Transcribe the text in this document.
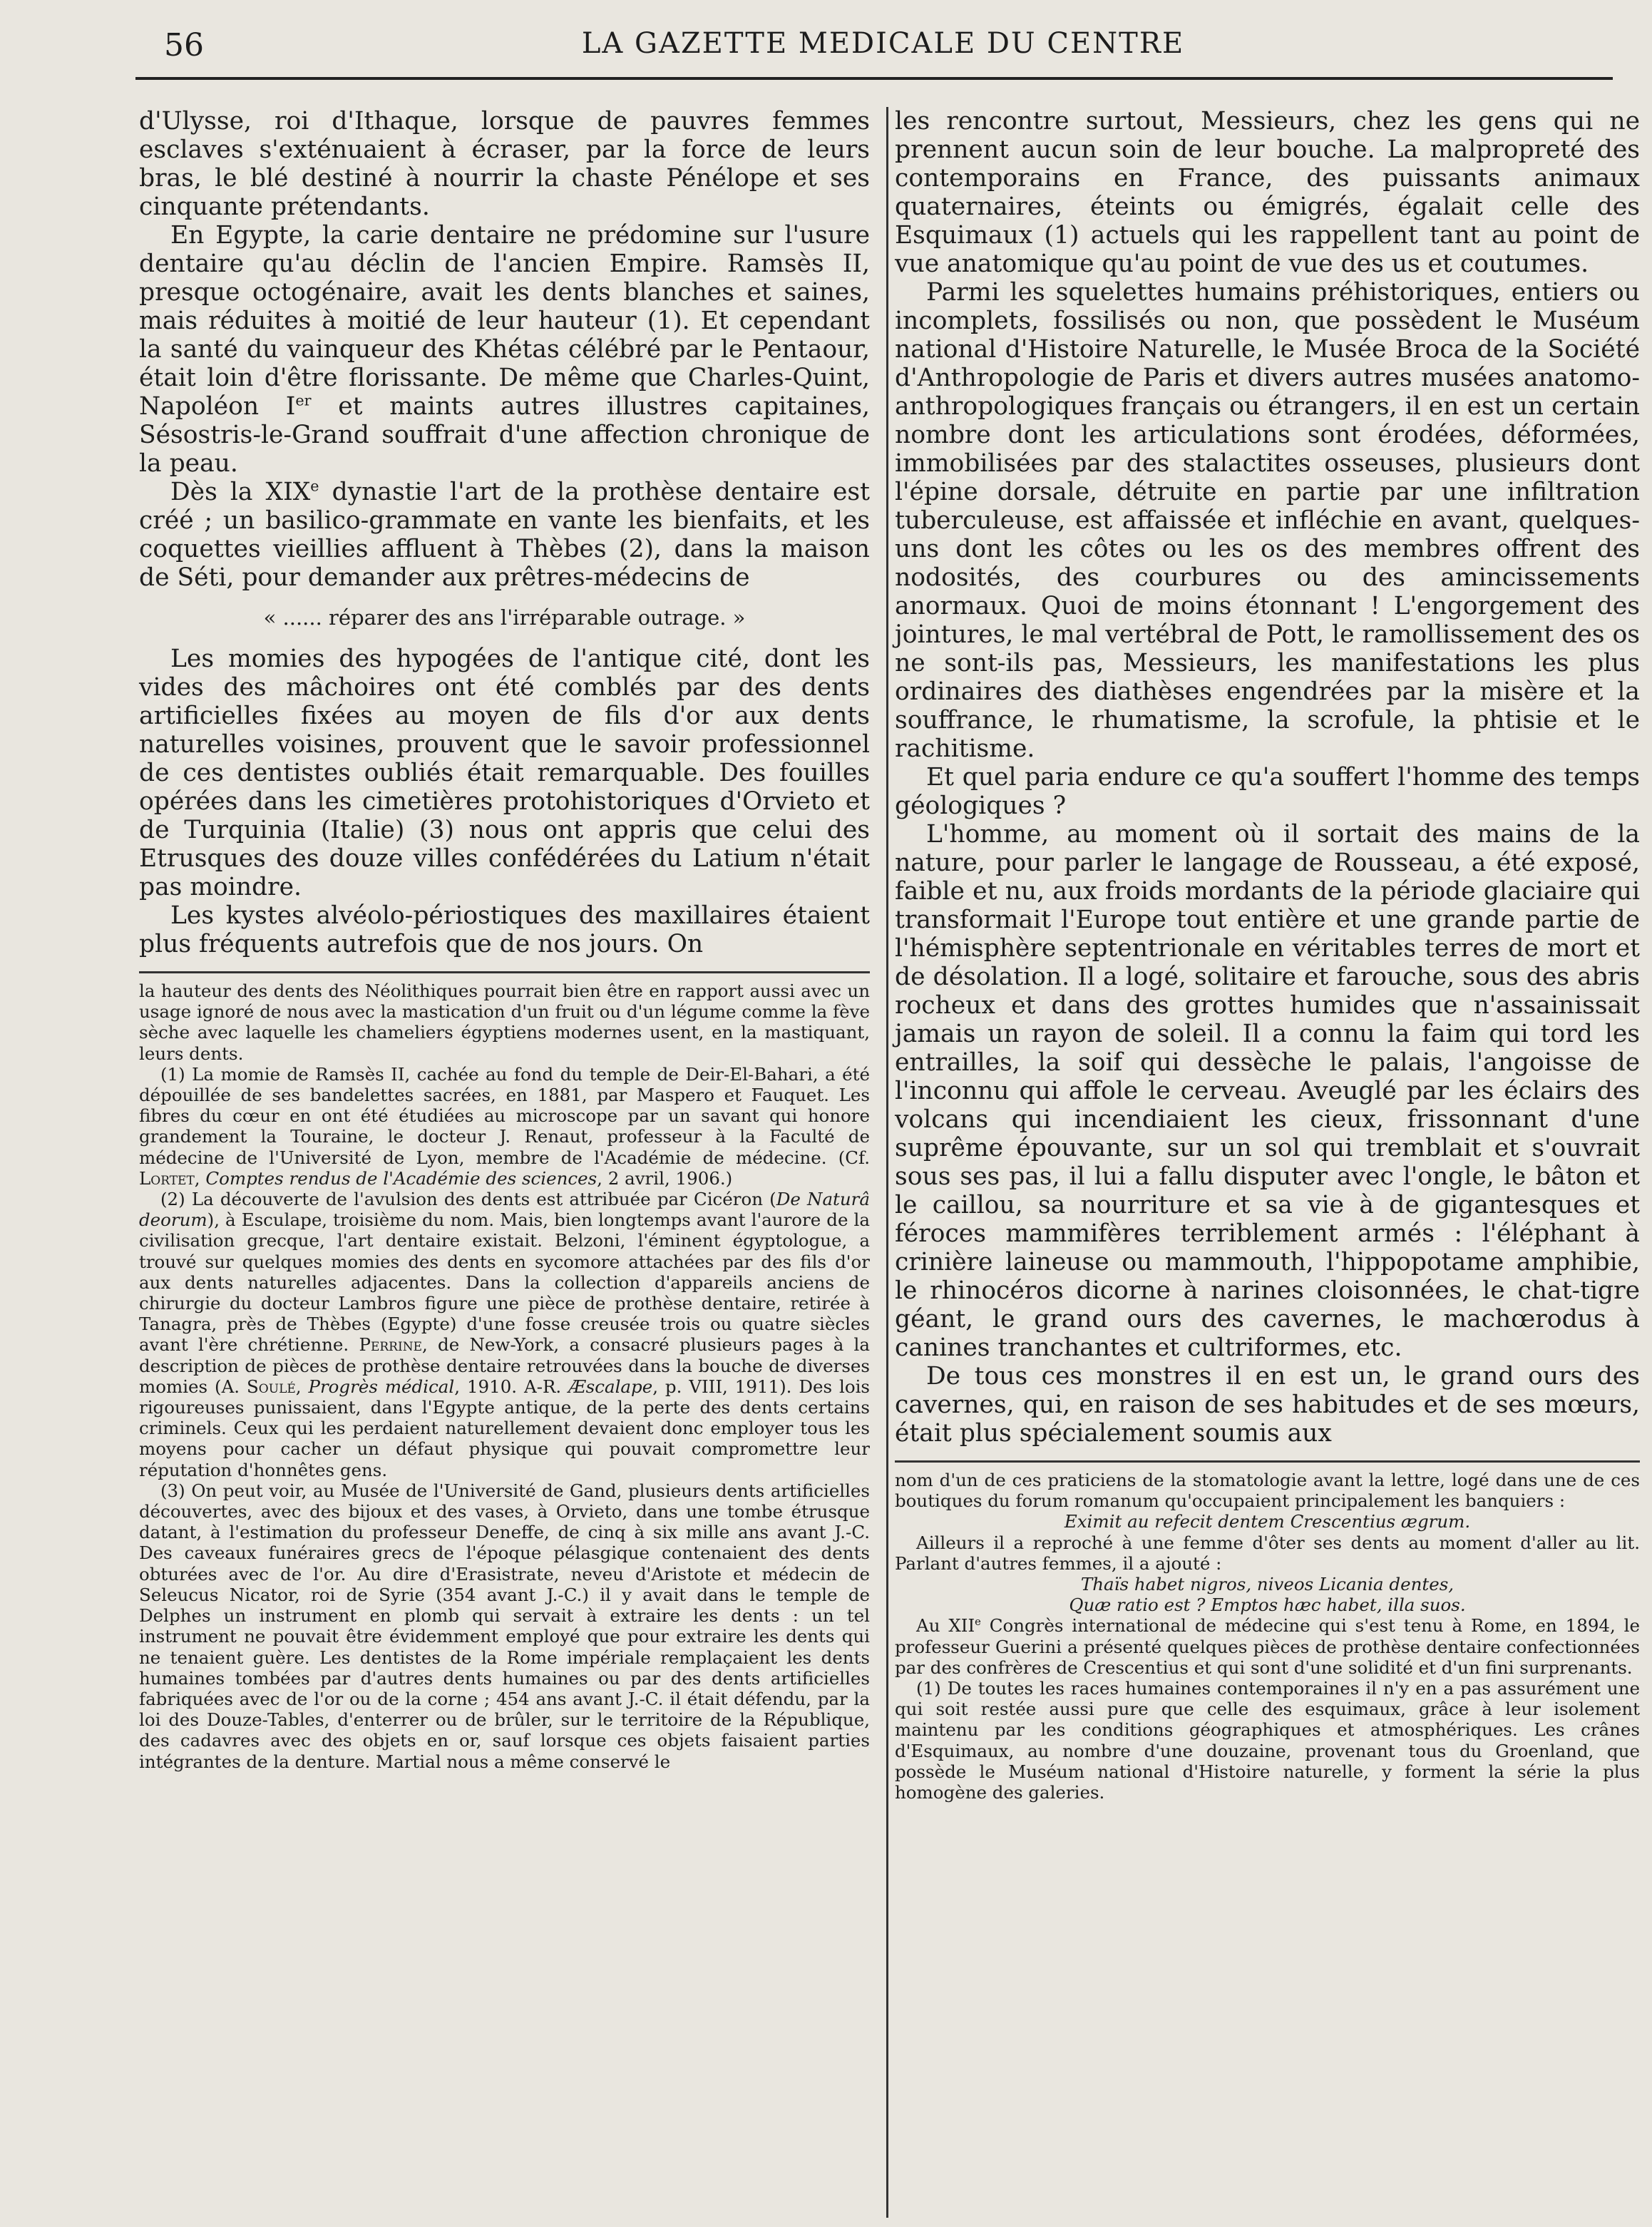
56	LA GAZETTE MEDICALE DU CENTRE

d'Ulysse, roi d'Ithaque, lorsque de pauvres femmes esclaves s'exténuaient à écraser, par la force de leurs bras, le blé destiné à nourrir la chaste Pénélope et ses cinquante prétendants.

En Egypte, la carie dentaire ne prédomine sur l'usure dentaire qu'au déclin de l'ancien Empire. Ramsès II, presque octogénaire, avait les dents blanches et saines, mais réduites à moitié de leur hauteur (1). Et cependant la santé du vainqueur des Khétas célébré par le Pentaour, était loin d'être florissante. De même que Charles-Quint, Napoléon Ier et maints autres illustres capitaines, Sésostris-le-Grand souffrait d'une affection chronique de la peau.

Dès la XIXe dynastie l'art de la prothèse dentaire est créé ; un basilico-grammate en vante les bienfaits, et les coquettes vieillies affluent à Thèbes (2), dans la maison de Séti, pour demander aux prêtres-médecins de

« ...... réparer des ans l'irréparable outrage. »

Les momies des hypogées de l'antique cité, dont les vides des mâchoires ont été comblés par des dents artificielles fixées au moyen de fils d'or aux dents naturelles voisines, prouvent que le savoir professionnel de ces dentistes oubliés était remarquable. Des fouilles opérées dans les cimetières protohistoriques d'Orvieto et de Turquinia (Italie) (3) nous ont appris que celui des Etrusques des douze villes confédérées du Latium n'était pas moindre.

Les kystes alvéolo-périostiques des maxillaires étaient plus fréquents autrefois que de nos jours. On

la hauteur des dents des Néolithiques pourrait bien être en rapport aussi avec un usage ignoré de nous avec la mastication d'un fruit ou d'un légume comme la fève sèche avec laquelle les chameliers égyptiens modernes usent, en la mastiquant, leurs dents.

(1) La momie de Ramsès II, cachée au fond du temple de Deir-El-Bahari, a été dépouillée de ses bandelettes sacrées, en 1881, par Maspero et Fauquet. Les fibres du cœur en ont été étudiées au microscope par un savant qui honore grandement la Touraine, le docteur J. Renaut, professeur à la Faculté de médecine de l'Université de Lyon, membre de l'Académie de médecine. (Cf. Lortet, Comptes rendus de l'Académie des sciences, 2 avril, 1906.)

(2) La découverte de l'avulsion des dents est attribuée par Cicéron (De Naturâ deorum), à Esculape, troisième du nom. Mais, bien longtemps avant l'aurore de la civilisation grecque, l'art dentaire existait. Belzoni, l'éminent égyptologue, a trouvé sur quelques momies des dents en sycomore attachées par des fils d'or aux dents naturelles adjacentes. Dans la collection d'appareils anciens de chirurgie du docteur Lambros figure une pièce de prothèse dentaire, retirée à Tanagra, près de Thèbes (Egypte) d'une fosse creusée trois ou quatre siècles avant l'ère chrétienne. Perrine, de New-York, a consacré plusieurs pages à la description de pièces de prothèse dentaire retrouvées dans la bouche de diverses momies (A. Soulé, Progrès médical, 1910. A-R. Æscalape, p. VIII, 1911). Des lois rigoureuses punissaient, dans l'Egypte antique, de la perte des dents certains criminels. Ceux qui les perdaient naturellement devaient donc employer tous les moyens pour cacher un défaut physique qui pouvait compromettre leur réputation d'honnêtes gens.

(3) On peut voir, au Musée de l'Université de Gand, plusieurs dents artificielles découvertes, avec des bijoux et des vases, à Orvieto, dans une tombe étrusque datant, à l'estimation du professeur Deneffe, de cinq à six mille ans avant J.-C. Des caveaux funéraires grecs de l'époque pélasgique contenaient des dents obturées avec de l'or. Au dire d'Erasistrate, neveu d'Aristote et médecin de Seleucus Nicator, roi de Syrie (354 avant J.-C.) il y avait dans le temple de Delphes un instrument en plomb qui servait à extraire les dents : un tel instrument ne pouvait être évidemment employé que pour extraire les dents qui ne tenaient guère. Les dentistes de la Rome impériale remplaçaient les dents humaines tombées par d'autres dents humaines ou par des dents artificielles fabriquées avec de l'or ou de la corne ; 454 ans avant J.-C. il était défendu, par la loi des Douze-Tables, d'enterrer ou de brûler, sur le territoire de la République, des cadavres avec des objets en or, sauf lorsque ces objets faisaient parties intégrantes de la denture. Martial nous a même conservé le

les rencontre surtout, Messieurs, chez les gens qui ne prennent aucun soin de leur bouche. La malpropreté des contemporains en France, des puissants animaux quaternaires, éteints ou émigrés, égalait celle des Esquimaux (1) actuels qui les rappellent tant au point de vue anatomique qu'au point de vue des us et coutumes.

Parmi les squelettes humains préhistoriques, entiers ou incomplets, fossilisés ou non, que possèdent le Muséum national d'Histoire Naturelle, le Musée Broca de la Société d'Anthropologie de Paris et divers autres musées anatomo-anthropologiques français ou étrangers, il en est un certain nombre dont les articulations sont érodées, déformées, immobilisées par des stalactites osseuses, plusieurs dont l'épine dorsale, détruite en partie par une infiltration tuberculeuse, est affaissée et infléchie en avant, quelques-uns dont les côtes ou les os des membres offrent des nodosités, des courbures ou des amincissements anormaux. Quoi de moins étonnant ! L'engorgement des jointures, le mal vertébral de Pott, le ramollissement des os ne sont-ils pas, Messieurs, les manifestations les plus ordinaires des diathèses engendrées par la misère et la souffrance, le rhumatisme, la scrofule, la phtisie et le rachitisme.

Et quel paria endure ce qu'a souffert l'homme des temps géologiques ?

L'homme, au moment où il sortait des mains de la nature, pour parler le langage de Rousseau, a été exposé, faible et nu, aux froids mordants de la période glaciaire qui transformait l'Europe tout entière et une grande partie de l'hémisphère septentrionale en véritables terres de mort et de désolation. Il a logé, solitaire et farouche, sous des abris rocheux et dans des grottes humides que n'assainissait jamais un rayon de soleil. Il a connu la faim qui tord les entrailles, la soif qui dessèche le palais, l'angoisse de l'inconnu qui affole le cerveau. Aveuglé par les éclairs des volcans qui incendiaient les cieux, frissonnant d'une suprême épouvante, sur un sol qui tremblait et s'ouvrait sous ses pas, il lui a fallu disputer avec l'ongle, le bâton et le caillou, sa nourriture et sa vie à de gigantesques et féroces mammifères terriblement armés : l'éléphant à crinière laineuse ou mammouth, l'hippopotame amphibie, le rhinocéros dicorne à narines cloisonnées, le chat-tigre géant, le grand ours des cavernes, le machœrodus à canines tranchantes et cultriformes, etc.

De tous ces monstres il en est un, le grand ours des cavernes, qui, en raison de ses habitudes et de ses mœurs, était plus spécialement soumis aux

nom d'un de ces praticiens de la stomatologie avant la lettre, logé dans une de ces boutiques du forum romanum qu'occupaient principalement les banquiers :

Eximit au refecit dentem Crescentius ægrum.

Ailleurs il a reproché à une femme d'ôter ses dents au moment d'aller au lit. Parlant d'autres femmes, il a ajouté :

Thaïs habet nigros, niveos Licania dentes,

Quæ ratio est ? Emptos hæc habet, illa suos.

Au XIIe Congrès international de médecine qui s'est tenu à Rome, en 1894, le professeur Guerini a présenté quelques pièces de prothèse dentaire confectionnées par des confrères de Crescentius et qui sont d'une solidité et d'un fini surprenants.

(1) De toutes les races humaines contemporaines il n'y en a pas assurément une qui soit restée aussi pure que celle des esquimaux, grâce à leur isolement maintenu par les conditions géographiques et atmosphériques. Les crânes d'Esquimaux, au nombre d'une douzaine, provenant tous du Groenland, que possède le Muséum national d'Histoire naturelle, y forment la série la plus homogène des galeries.
